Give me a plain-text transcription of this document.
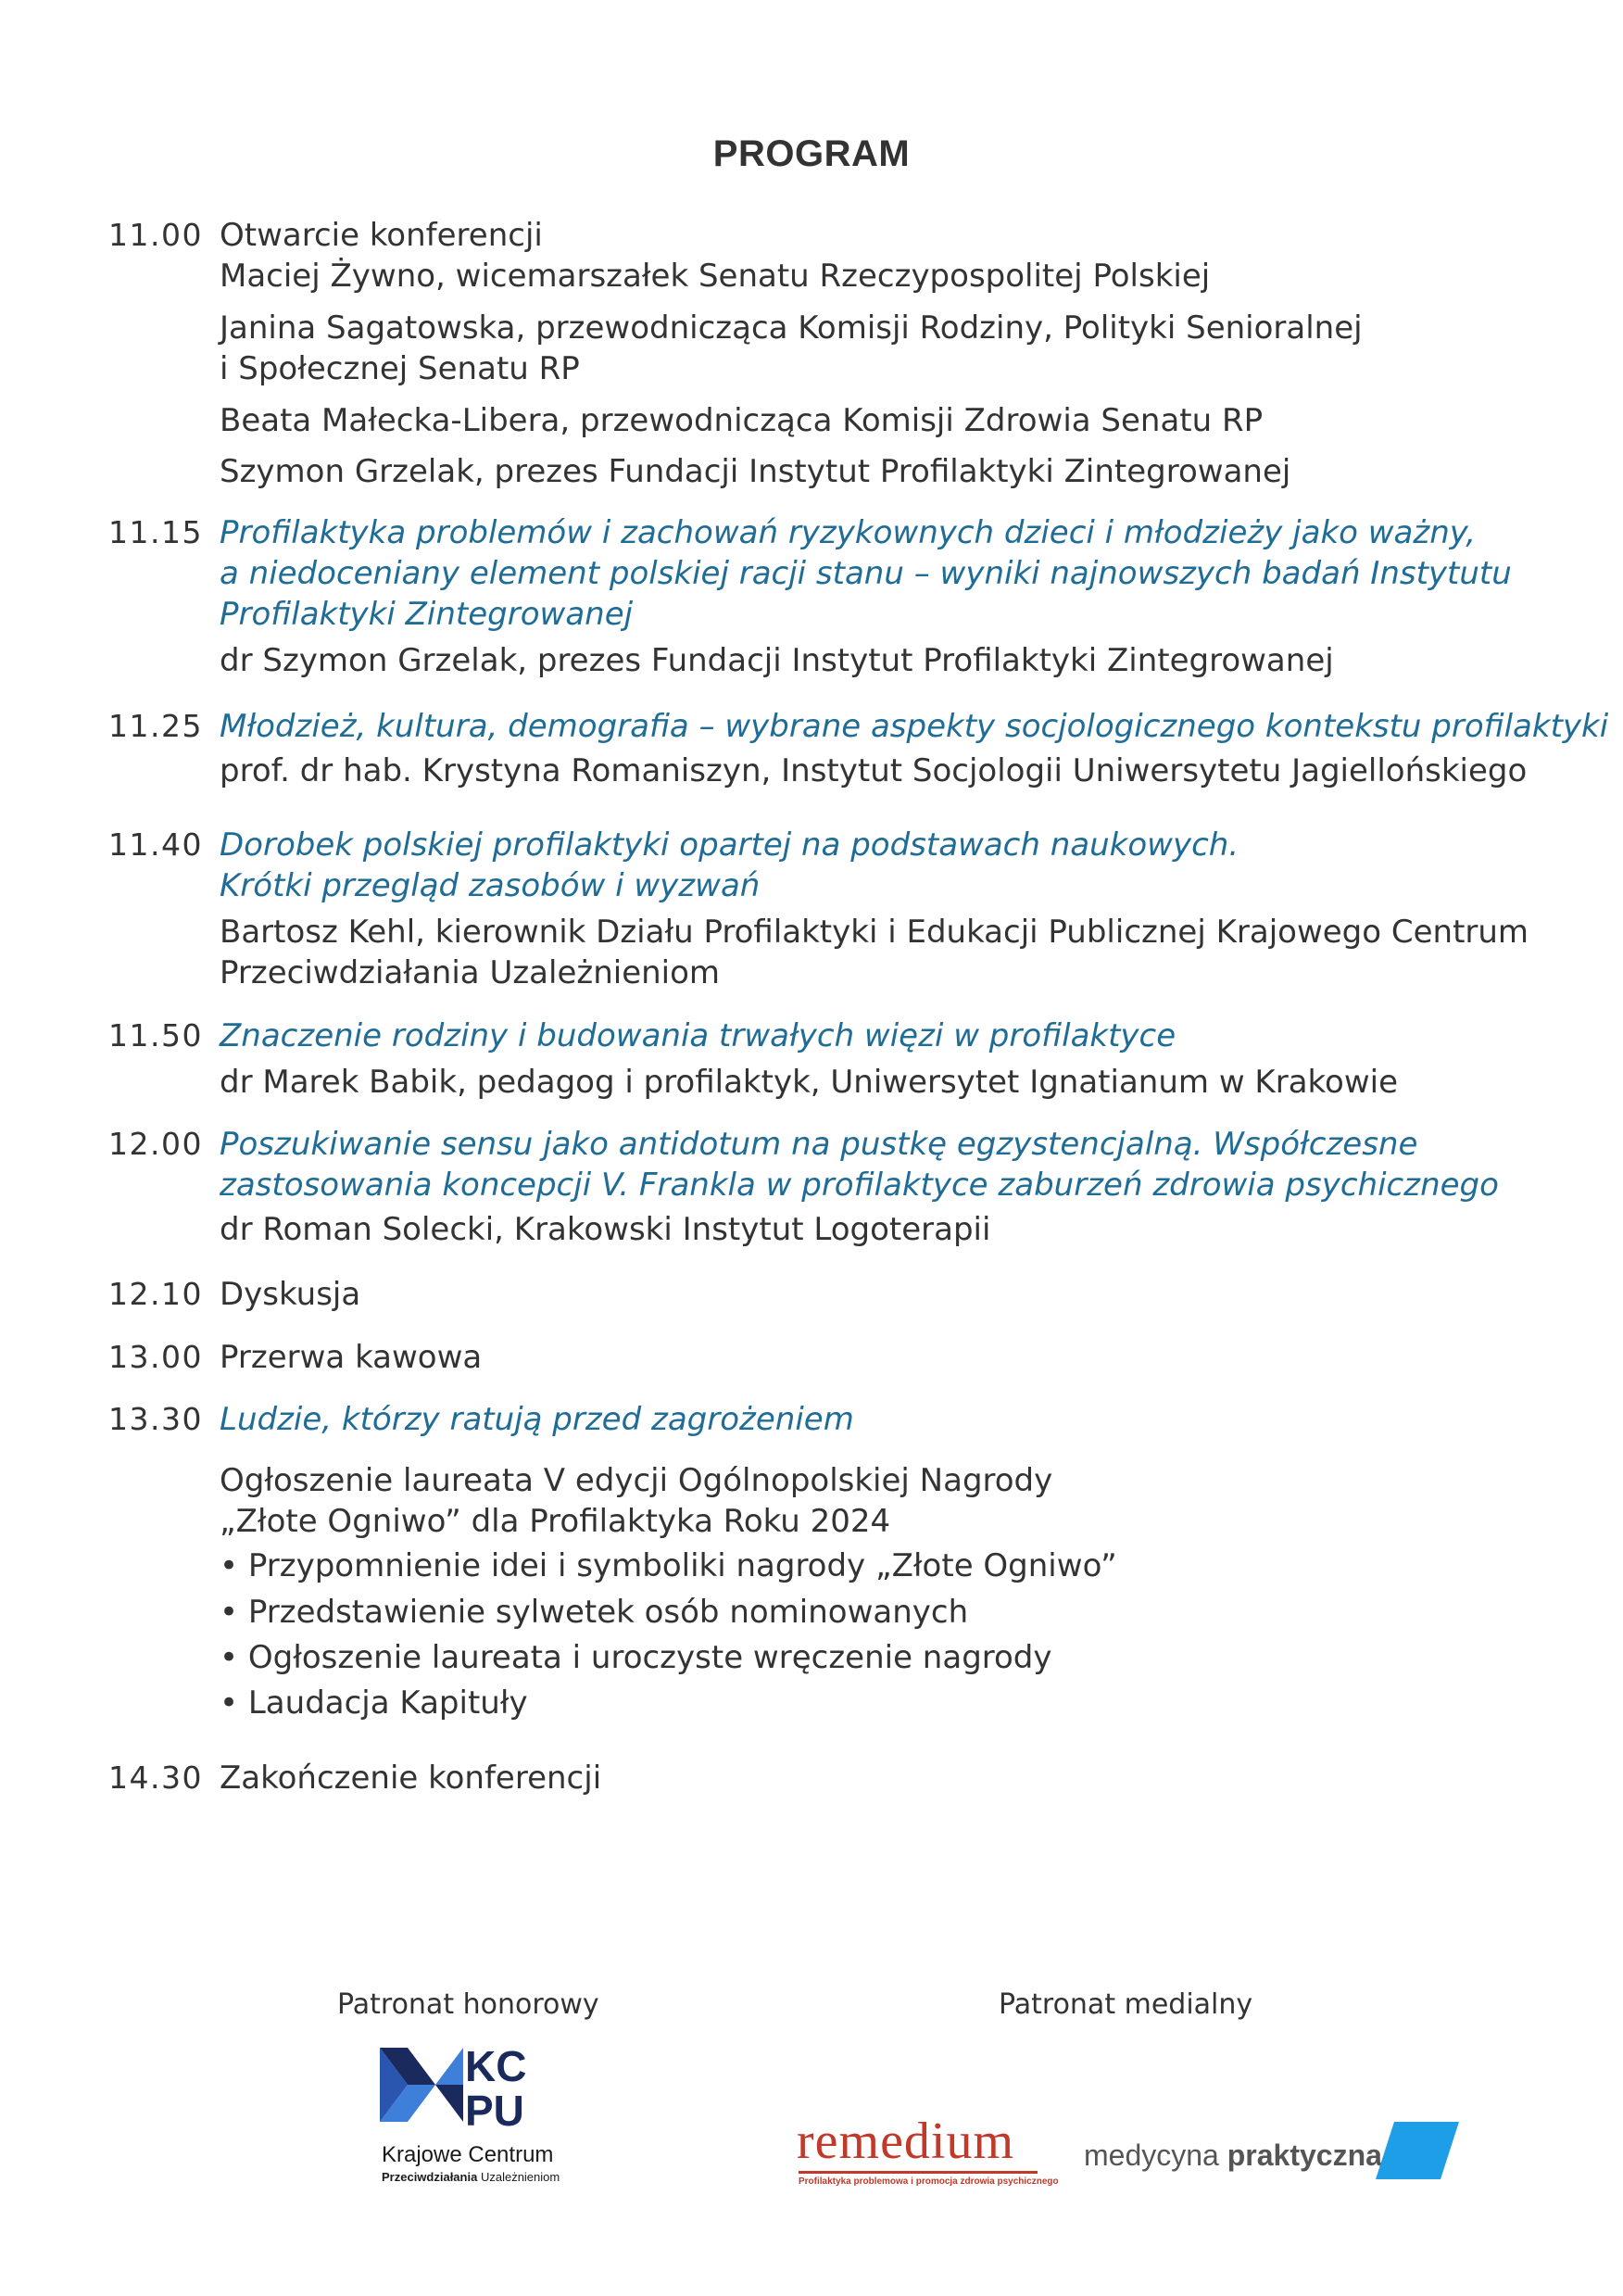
PROGRAM
11.00 Otwarcie konferencji
Maciej Żywno, wicemarszałek Senatu Rzeczypospolitej Polskiej
Janina Sagatowska, przewodnicząca Komisji Rodziny, Polityki Senioralnej
i Społecznej Senatu RP
Beata Małecka-Libera, przewodnicząca Komisji Zdrowia Senatu RP
Szymon Grzelak, prezes Fundacji Instytut Profilaktyki Zintegrowanej
11.15 Profilaktyka problemów i zachowań ryzykownych dzieci i młodzieży jako ważny,
a niedoceniany element polskiej racji stanu – wyniki najnowszych badań Instytutu
Profilaktyki Zintegrowanej
dr Szymon Grzelak, prezes Fundacji Instytut Profilaktyki Zintegrowanej
11.25 Młodzież, kultura, demografia – wybrane aspekty socjologicznego kontekstu profilaktyki
prof. dr hab. Krystyna Romaniszyn, Instytut Socjologii Uniwersytetu Jagiellońskiego
11.40 Dorobek polskiej profilaktyki opartej na podstawach naukowych.
Krótki przegląd zasobów i wyzwań
Bartosz Kehl, kierownik Działu Profilaktyki i Edukacji Publicznej Krajowego Centrum
Przeciwdziałania Uzależnieniom
11.50 Znaczenie rodziny i budowania trwałych więzi w profilaktyce
dr Marek Babik, pedagog i profilaktyk, Uniwersytet Ignatianum w Krakowie
12.00 Poszukiwanie sensu jako antidotum na pustkę egzystencjalną. Współczesne
zastosowania koncepcji V. Frankla w profilaktyce zaburzeń zdrowia psychicznego
dr Roman Solecki, Krakowski Instytut Logoterapii
12.10 Dyskusja
13.00 Przerwa kawowa
13.30 Ludzie, którzy ratują przed zagrożeniem
Ogłoszenie laureata V edycji Ogólnopolskiej Nagrody
„Złote Ogniwo” dla Profilaktyka Roku 2024
• Przypomnienie idei i symboliki nagrody „Złote Ogniwo”
• Przedstawienie sylwetek osób nominowanych
• Ogłoszenie laureata i uroczyste wręczenie nagrody
• Laudacja Kapituły
14.30 Zakończenie konferencji
Patronat honorowy	Patronat medialny
KC
PU
Krajowe Centrum
Przeciwdziałania Uzależnieniom
remedium
Profilaktyka problemowa i promocja zdrowia psychicznego
medycyna praktyczna
